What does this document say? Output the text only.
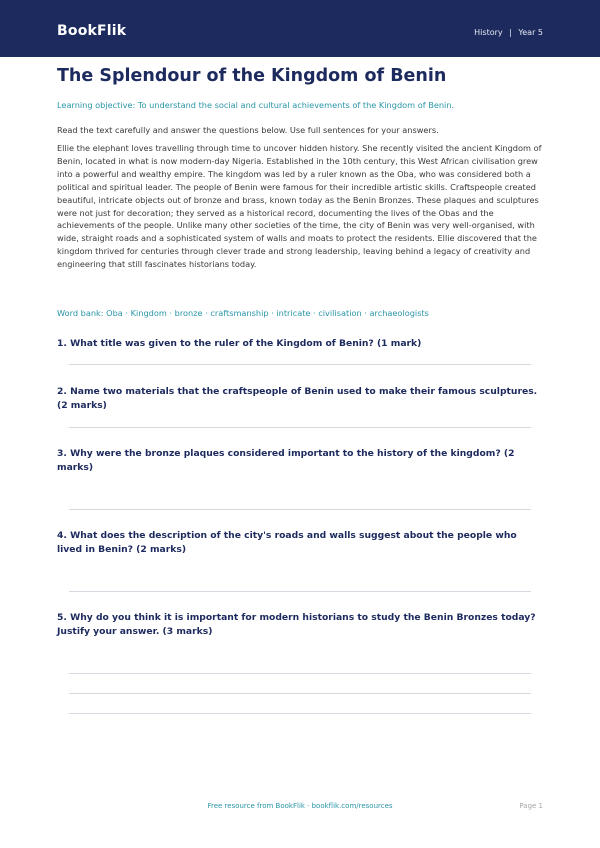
BookFlik	History | Year 5
The Splendour of the Kingdom of Benin
Learning objective: To understand the social and cultural achievements of the Kingdom of Benin.
Read the text carefully and answer the questions below. Use full sentences for your answers.
Ellie the elephant loves travelling through time to uncover hidden history. She recently visited the ancient Kingdom of Benin, located in what is now modern-day Nigeria. Established in the 10th century, this West African civilisation grew into a powerful and wealthy empire. The kingdom was led by a ruler known as the Oba, who was considered both a political and spiritual leader. The people of Benin were famous for their incredible artistic skills. Craftspeople created beautiful, intricate objects out of bronze and brass, known today as the Benin Bronzes. These plaques and sculptures were not just for decoration; they served as a historical record, documenting the lives of the Obas and the achievements of the people. Unlike many other societies of the time, the city of Benin was very well-organised, with wide, straight roads and a sophisticated system of walls and moats to protect the residents. Ellie discovered that the kingdom thrived for centuries through clever trade and strong leadership, leaving behind a legacy of creativity and engineering that still fascinates historians today.
Word bank: Oba · Kingdom · bronze · craftsmanship · intricate · civilisation · archaeologists
1. What title was given to the ruler of the Kingdom of Benin? (1 mark)
2. Name two materials that the craftspeople of Benin used to make their famous sculptures. (2 marks)
3. Why were the bronze plaques considered important to the history of the kingdom? (2 marks)
4. What does the description of the city's roads and walls suggest about the people who lived in Benin? (2 marks)
5. Why do you think it is important for modern historians to study the Benin Bronzes today? Justify your answer. (3 marks)
Free resource from BookFlik · bookflik.com/resources	Page 1
